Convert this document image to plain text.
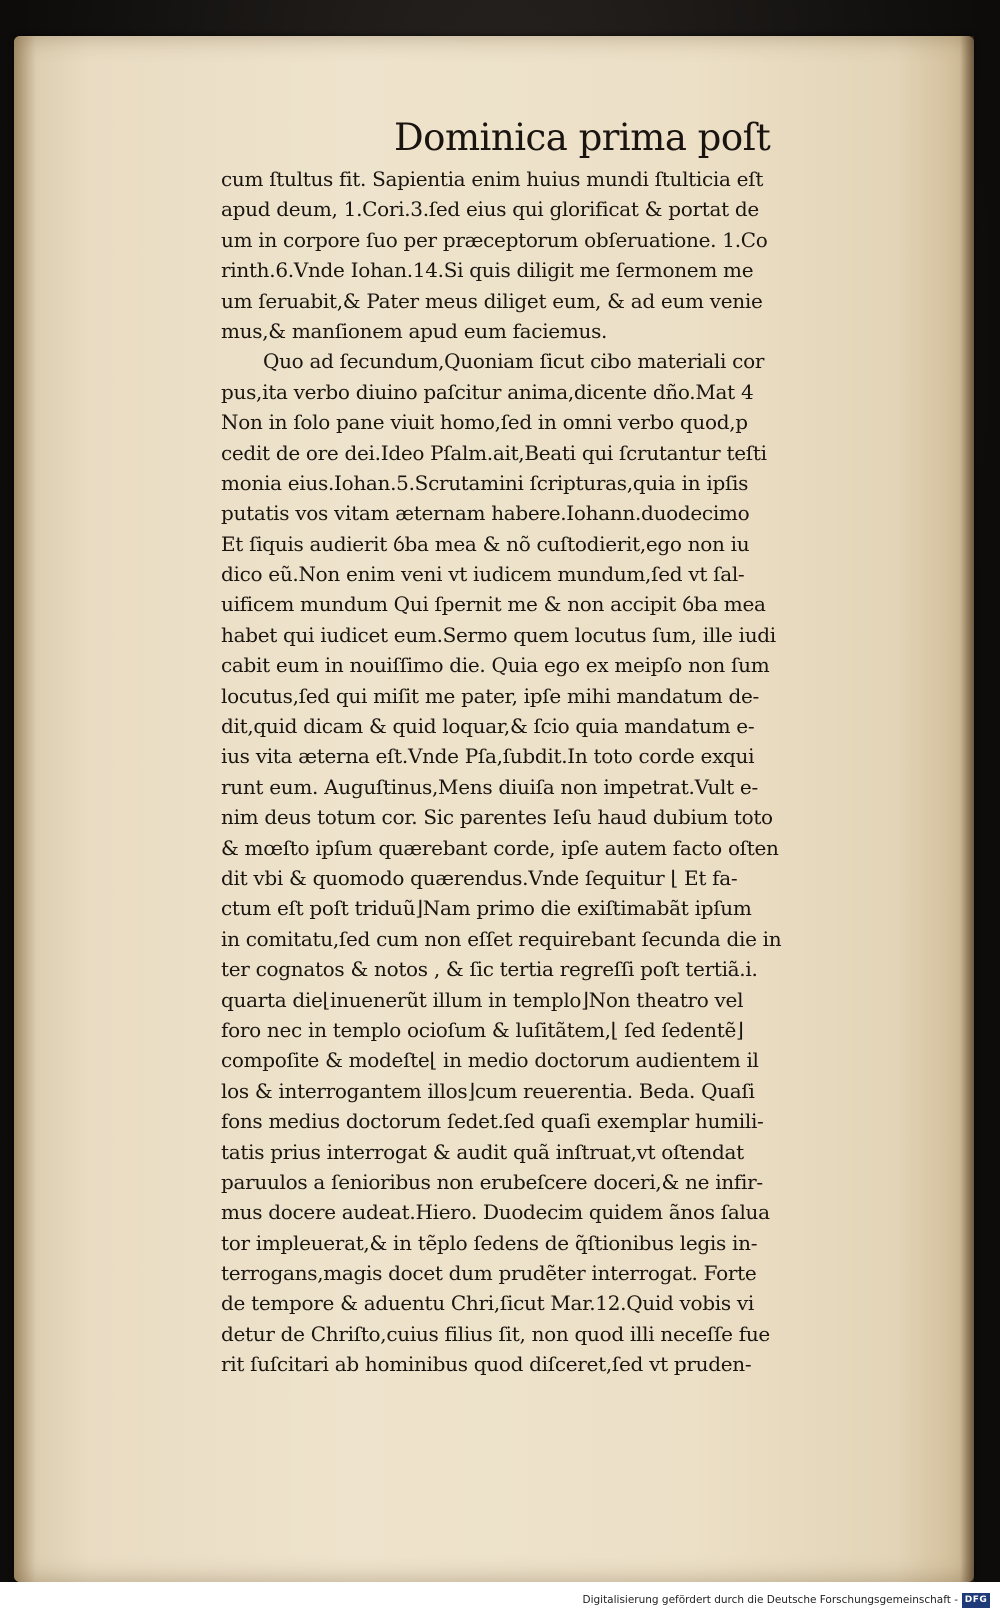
Dominica prima poſt
cum ſtultus fit. Sapientia enim huius mundi ſtulticia eſt
apud deum, 1.Cori.3.ſed eius qui glorificat & portat de
um in corpore ſuo per præceptorum obſeruatione. 1.Co
rinth.6.Vnde Iohan.14.Si quis diligit me ſermonem me
um ſeruabit,& Pater meus diliget eum, & ad eum venie
mus,& manſionem apud eum faciemus.
Quo ad ſecundum,Quoniam ſicut cibo materiali cor
pus,ita verbo diuino paſcitur anima,dicente dño.Mat 4
Non in ſolo pane viuit homo,ſed in omni verbo quod,p
cedit de ore dei.Ideo Pſalm.ait,Beati qui ſcrutantur teſti
monia eius.Iohan.5.Scrutamini ſcripturas,quia in ipſis
putatis vos vitam æternam habere.Iohann.duodecimo
Et ſiquis audierit ỽba mea & nõ cuſtodierit,ego non iu
dico eũ.Non enim veni vt iudicem mundum,ſed vt ſal-
uificem mundum Qui ſpernit me & non accipit ỽba mea
habet qui iudicet eum.Sermo quem locutus ſum, ille iudi
cabit eum in nouiſſimo die. Quia ego ex meipſo non ſum
locutus,ſed qui miſit me pater, ipſe mihi mandatum de-
dit,quid dicam & quid loquar,& ſcio quia mandatum e-
ius vita æterna eſt.Vnde Pſa,ſubdit.In toto corde exqui
runt eum. Auguſtinus,Mens diuiſa non impetrat.Vult e-
nim deus totum cor. Sic parentes Ieſu haud dubium toto
& mœſto ipſum quærebant corde, ipſe autem facto oſten
dit vbi & quomodo quærendus.Vnde ſequitur ⌊ Et fa-
ctum eſt poſt triduũ⌋Nam primo die exiſtimabãt ipſum
in comitatu,ſed cum non eſſet requirebant ſecunda die in
ter cognatos & notos , & ſic tertia regreſſi poſt tertiã.i.
quarta die⌊inuenerũt illum in templo⌋Non theatro vel
foro nec in templo ocioſum & luſitãtem,⌊ ſed ſedentẽ⌋
compoſite & modeſte⌊ in medio doctorum audientem il
los & interrogantem illos⌋cum reuerentia. Beda. Quaſi
fons medius doctorum ſedet.ſed quaſi exemplar humili-
tatis prius interrogat & audit quã inſtruat,vt oſtendat
paruulos a ſenioribus non erubeſcere doceri,& ne infir-
mus docere audeat.Hiero. Duodecim quidem ãnos ſalua
tor impleuerat,& in tẽplo ſedens de q̃ſtionibus legis in-
terrogans,magis docet dum prudẽter interrogat. Forte
de tempore & aduentu Chri,ſicut Mar.12.Quid vobis vi
detur de Chriſto,cuius filius ſit, non quod illi neceſſe fue
rit ſuſcitari ab hominibus quod diſceret,ſed vt pruden-
Digitalisierung gefördert durch die Deutsche Forschungsgemeinschaft - DFG
